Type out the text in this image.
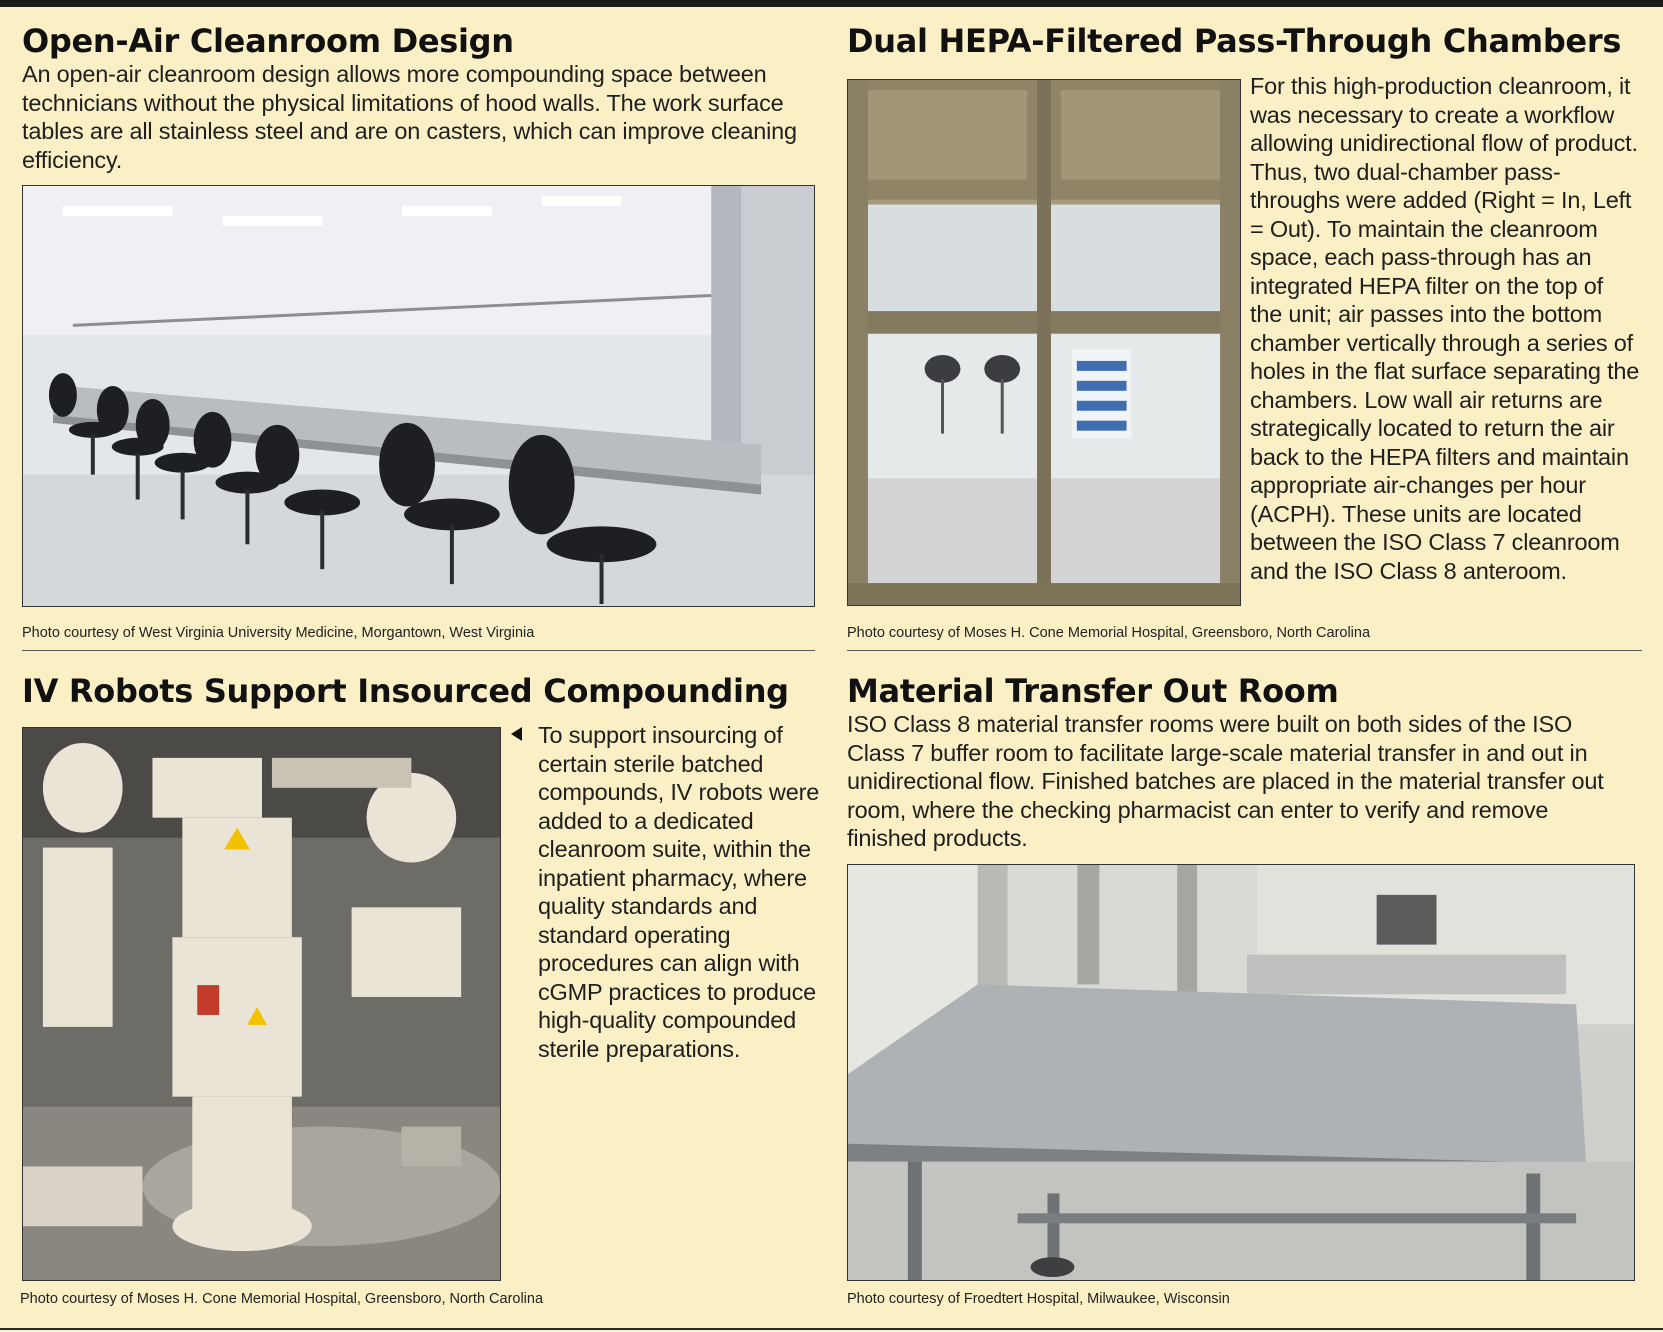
Open-Air Cleanroom Design

An open-air cleanroom design allows more compounding space between technicians without the physical limitations of hood walls. The work surface tables are all stainless steel and are on casters, which can improve cleaning efficiency.

Photo courtesy of West Virginia University Medicine, Morgantown, West Virginia
Dual HEPA-Filtered Pass-Through Chambers

For this high-production cleanroom, it was necessary to create a workflow allowing unidirectional flow of product. Thus, two dual-chamber pass-throughs were added (Right = In, Left = Out). To maintain the cleanroom space, each pass-through has an integrated HEPA filter on the top of the unit; air passes into the bottom chamber vertically through a series of holes in the flat surface separating the chambers. Low wall air returns are strategically located to return the air back to the HEPA filters and maintain appropriate air-changes per hour (ACPH). These units are located between the ISO Class 7 cleanroom and the ISO Class 8 anteroom.

Photo courtesy of Moses H. Cone Memorial Hospital, Greensboro, North Carolina
IV Robots Support Insourced Compounding

To support insourcing of certain sterile batched compounds, IV robots were added to a dedicated cleanroom suite, within the inpatient pharmacy, where quality standards and standard operating procedures can align with cGMP practices to produce high-quality compounded sterile preparations.

Photo courtesy of Moses H. Cone Memorial Hospital, Greensboro, North Carolina
Material Transfer Out Room

ISO Class 8 material transfer rooms were built on both sides of the ISO Class 7 buffer room to facilitate large-scale material transfer in and out in unidirectional flow. Finished batches are placed in the material transfer out room, where the checking pharmacist can enter to verify and remove finished products.

Photo courtesy of Froedtert Hospital, Milwaukee, Wisconsin
